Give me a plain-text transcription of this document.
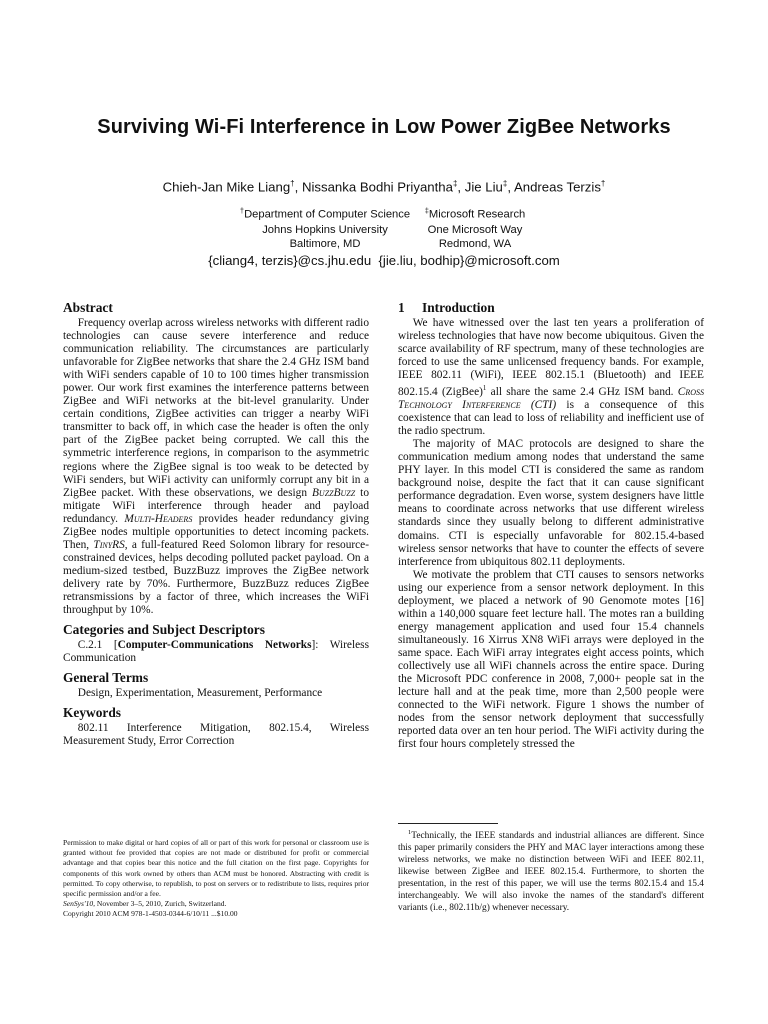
Surviving Wi-Fi Interference in Low Power ZigBee Networks
Chieh-Jan Mike Liang†, Nissanka Bodhi Priyantha‡, Jie Liu‡, Andreas Terzis†
†Department of Computer Science
Johns Hopkins University
Baltimore, MD
‡Microsoft Research
One Microsoft Way
Redmond, WA
{cliang4, terzis}@cs.jhu.edu {jie.liu, bodhip}@microsoft.com
Abstract

Frequency overlap across wireless networks with different radio technologies can cause severe interference and reduce communication reliability. The circumstances are particularly unfavorable for ZigBee networks that share the 2.4 GHz ISM band with WiFi senders capable of 10 to 100 times higher transmission power. Our work first examines the interference patterns between ZigBee and WiFi networks at the bit-level granularity. Under certain conditions, ZigBee activities can trigger a nearby WiFi transmitter to back off, in which case the header is often the only part of the ZigBee packet being corrupted. We call this the symmetric interference regions, in comparison to the asymmetric regions where the ZigBee signal is too weak to be detected by WiFi senders, but WiFi activity can uniformly corrupt any bit in a ZigBee packet. With these observations, we design BuzzBuzz to mitigate WiFi interference through header and payload redundancy. Multi-Headers provides header redundancy giving ZigBee nodes multiple opportunities to detect incoming packets. Then, TinyRS, a full-featured Reed Solomon library for resource-constrained devices, helps decoding polluted packet payload. On a medium-sized testbed, BuzzBuzz improves the ZigBee network delivery rate by 70%. Furthermore, BuzzBuzz reduces ZigBee retransmissions by a factor of three, which increases the WiFi throughput by 10%.

Categories and Subject Descriptors

C.2.1 [Computer-Communications Networks]: Wireless Communication

General Terms

Design, Experimentation, Measurement, Performance

Keywords

802.11 Interference Mitigation, 802.15.4, Wireless Measurement Study, Error Correction

Permission to make digital or hard copies of all or part of this work for personal or classroom use is granted without fee provided that copies are not made or distributed for profit or commercial advantage and that copies bear this notice and the full citation on the first page. Copyrights for components of this work owned by others than ACM must be honored. Abstracting with credit is permitted. To copy otherwise, to republish, to post on servers or to redistribute to lists, requires prior specific permission and/or a fee.
SenSys'10, November 3–5, 2010, Zurich, Switzerland.
Copyright 2010 ACM 978-1-4503-0344-6/10/11 ...$10.00
1 Introduction

We have witnessed over the last ten years a proliferation of wireless technologies that have now become ubiquitous. Given the scarce availability of RF spectrum, many of these technologies are forced to use the same unlicensed frequency bands. For example, IEEE 802.11 (WiFi), IEEE 802.15.1 (Bluetooth) and IEEE 802.15.4 (ZigBee)$^1$ all share the same 2.4 GHz ISM band. Cross Technology Interference (CTI) is a consequence of this coexistence that can lead to loss of reliability and inefficient use of the radio spectrum.

The majority of MAC protocols are designed to share the communication medium among nodes that understand the same PHY layer. In this model CTI is considered the same as random background noise, despite the fact that it can cause significant performance degradation. Even worse, system designers have little means to coordinate across networks that use different wireless standards since they usually belong to different administrative domains. CTI is especially unfavorable for 802.15.4-based wireless sensor networks that have to counter the effects of severe interference from ubiquitous 802.11 deployments.

We motivate the problem that CTI causes to sensors networks using our experience from a sensor network deployment. In this deployment, we placed a network of 90 Genomote motes [16] within a 140,000 square feet lecture hall. The motes ran a building energy management application and used four 15.4 channels simultaneously. 16 Xirrus XN8 WiFi arrays were deployed in the same space. Each WiFi array integrates eight access points, which collectively use all WiFi channels across the entire space. During the Microsoft PDC conference in 2008, 7,000+ people sat in the lecture hall and at the peak time, more than 2,500 people were connected to the WiFi network. Figure 1 shows the number of nodes from the sensor network deployment that successfully reported data over an ten hour period. The WiFi activity during the first four hours completely stressed the

$^1$Technically, the IEEE standards and industrial alliances are different. Since this paper primarily considers the PHY and MAC layer interactions among these wireless networks, we make no distinction between WiFi and IEEE 802.11, likewise between ZigBee and IEEE 802.15.4. Furthermore, to shorten the presentation, in the rest of this paper, we will use the terms 802.15.4 and 15.4 interchangeably. We will also invoke the names of the standard's different variants (i.e., 802.11b/g) whenever necessary.
